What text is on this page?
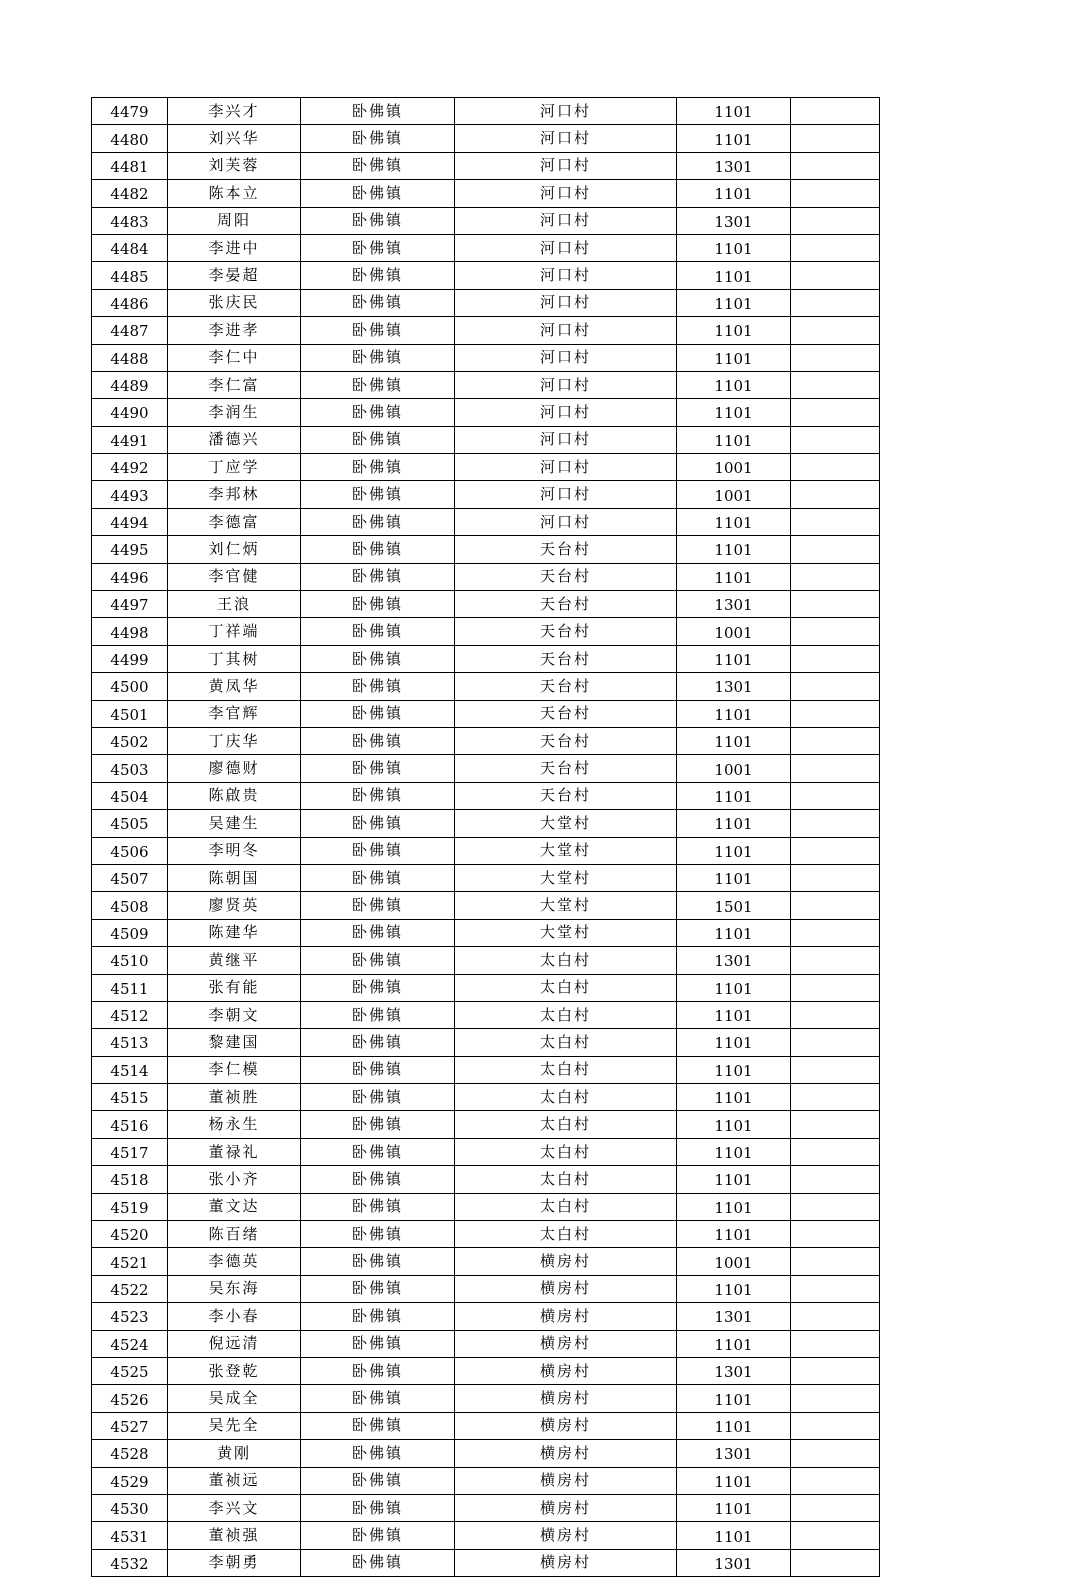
4479	李兴才	卧佛镇	河口村	1101	
4480	刘兴华	卧佛镇	河口村	1101	
4481	刘芙蓉	卧佛镇	河口村	1301	
4482	陈本立	卧佛镇	河口村	1101	
4483	周阳	卧佛镇	河口村	1301	
4484	李进中	卧佛镇	河口村	1101	
4485	李晏超	卧佛镇	河口村	1101	
4486	张庆民	卧佛镇	河口村	1101	
4487	李进孝	卧佛镇	河口村	1101	
4488	李仁中	卧佛镇	河口村	1101	
4489	李仁富	卧佛镇	河口村	1101	
4490	李润生	卧佛镇	河口村	1101	
4491	潘德兴	卧佛镇	河口村	1101	
4492	丁应学	卧佛镇	河口村	1001	
4493	李邦林	卧佛镇	河口村	1001	
4494	李德富	卧佛镇	河口村	1101	
4495	刘仁炳	卧佛镇	天台村	1101	
4496	李官健	卧佛镇	天台村	1101	
4497	王浪	卧佛镇	天台村	1301	
4498	丁祥端	卧佛镇	天台村	1001	
4499	丁其树	卧佛镇	天台村	1101	
4500	黄凤华	卧佛镇	天台村	1301	
4501	李官辉	卧佛镇	天台村	1101	
4502	丁庆华	卧佛镇	天台村	1101	
4503	廖德财	卧佛镇	天台村	1001	
4504	陈啟贵	卧佛镇	天台村	1101	
4505	吴建生	卧佛镇	大堂村	1101	
4506	李明冬	卧佛镇	大堂村	1101	
4507	陈朝国	卧佛镇	大堂村	1101	
4508	廖贤英	卧佛镇	大堂村	1501	
4509	陈建华	卧佛镇	大堂村	1101	
4510	黄继平	卧佛镇	太白村	1301	
4511	张有能	卧佛镇	太白村	1101	
4512	李朝文	卧佛镇	太白村	1101	
4513	黎建国	卧佛镇	太白村	1101	
4514	李仁模	卧佛镇	太白村	1101	
4515	董祯胜	卧佛镇	太白村	1101	
4516	杨永生	卧佛镇	太白村	1101	
4517	董禄礼	卧佛镇	太白村	1101	
4518	张小齐	卧佛镇	太白村	1101	
4519	董文达	卧佛镇	太白村	1101	
4520	陈百绪	卧佛镇	太白村	1101	
4521	李德英	卧佛镇	横房村	1001	
4522	吴东海	卧佛镇	横房村	1101	
4523	李小春	卧佛镇	横房村	1301	
4524	倪远清	卧佛镇	横房村	1101	
4525	张登乾	卧佛镇	横房村	1301	
4526	吴成全	卧佛镇	横房村	1101	
4527	吴先全	卧佛镇	横房村	1101	
4528	黄刚	卧佛镇	横房村	1301	
4529	董祯远	卧佛镇	横房村	1101	
4530	李兴文	卧佛镇	横房村	1101	
4531	董祯强	卧佛镇	横房村	1101	
4532	李朝勇	卧佛镇	横房村	1301	
